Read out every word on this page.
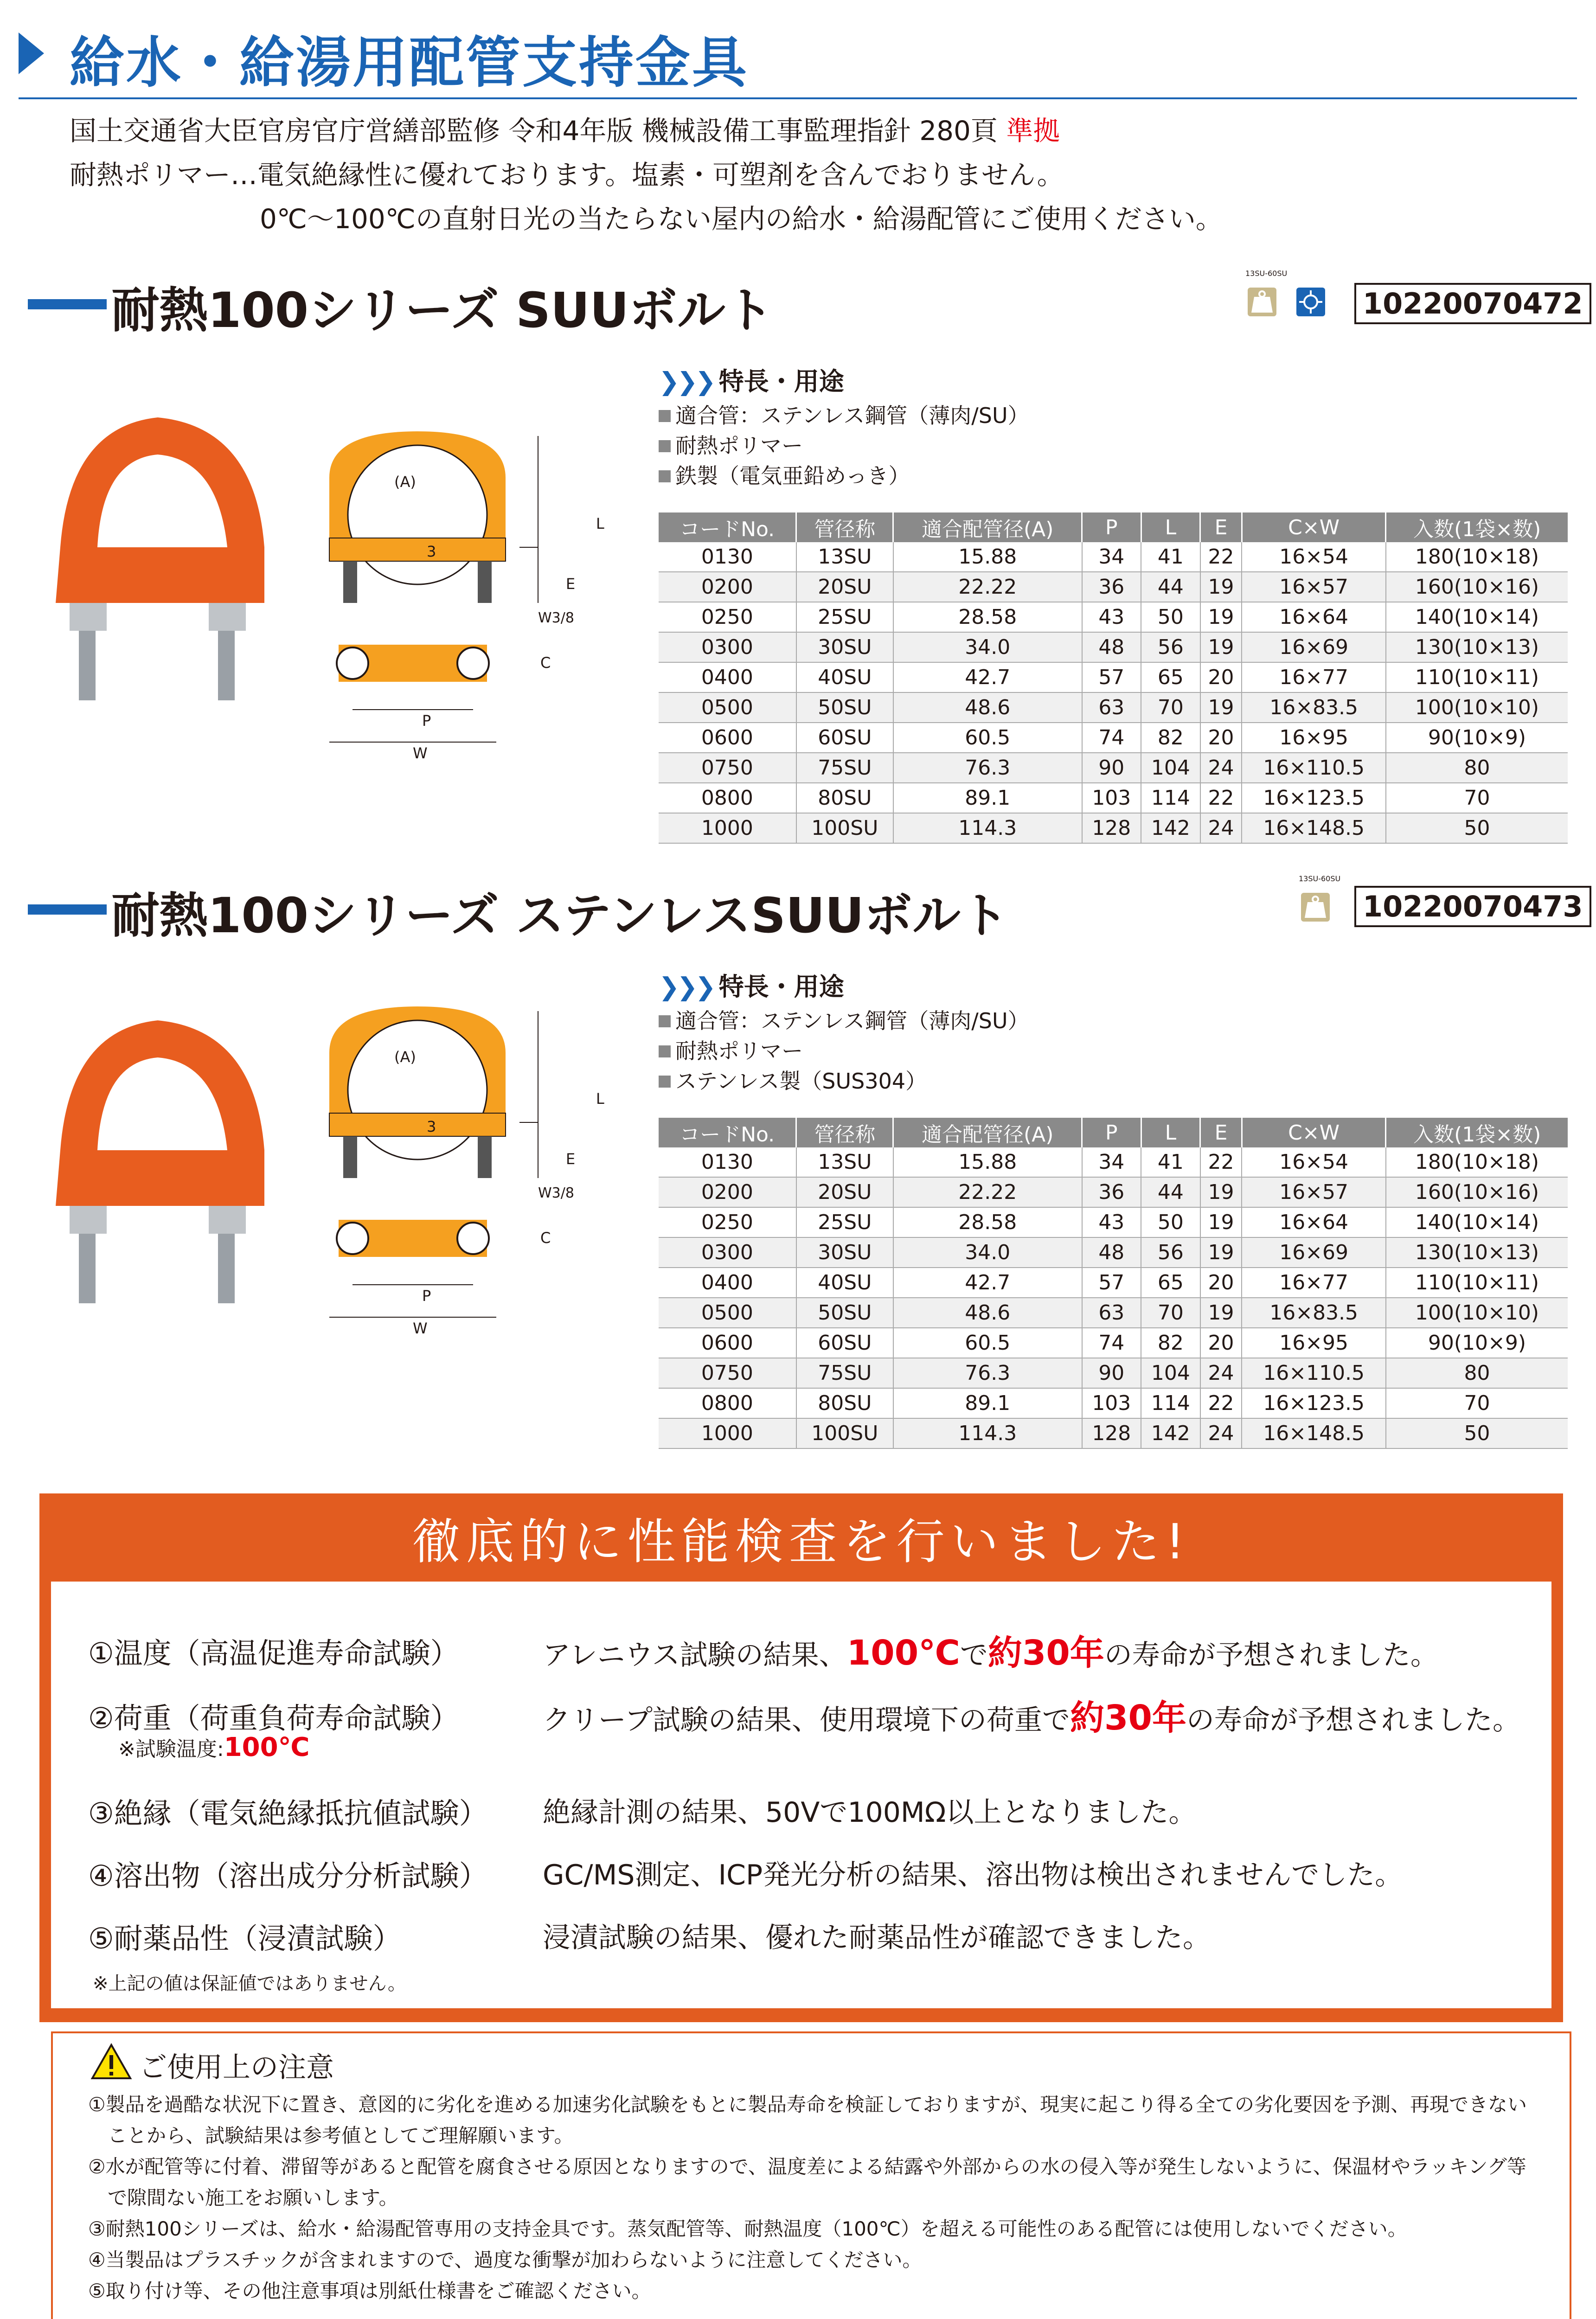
給水・給湯用配管支持金具
国土交通省大臣官房官庁営繕部監修 令和4年版 機械設備工事監理指針 280頁 準拠
耐熱ポリマー…電気絶縁性に優れております。塩素・可塑剤を含んでおりません。
0℃～100℃の直射日光の当たらない屋内の給水・給湯配管にご使用ください。
耐熱100シリーズ SUUボルト
13SU-60SU
10220070472
(A)
L
3
E
W3/8
C
P
W
❯❯❯ 特長・用途
適合管：ステンレス鋼管（薄肉/SU）
耐熱ポリマー
鉄製（電気亜鉛めっき）
コードNo.	管径称	適合配管径(A)	P	L	E	C×W	入数(1袋×数)
0130	13SU	15.88	34	41	22	16×54	180(10×18)
0200	20SU	22.22	36	44	19	16×57	160(10×16)
0250	25SU	28.58	43	50	19	16×64	140(10×14)
0300	30SU	34.0	48	56	19	16×69	130(10×13)
0400	40SU	42.7	57	65	20	16×77	110(10×11)
0500	50SU	48.6	63	70	19	16×83.5	100(10×10)
0600	60SU	60.5	74	82	20	16×95	90(10×9)
0750	75SU	76.3	90	104	24	16×110.5	80
0800	80SU	89.1	103	114	22	16×123.5	70
1000	100SU	114.3	128	142	24	16×148.5	50
耐熱100シリーズ ステンレスSUUボルト
13SU-60SU
10220070473
(A)
L
3
E
W3/8
C
P
W
❯❯❯ 特長・用途
適合管：ステンレス鋼管（薄肉/SU）
耐熱ポリマー
ステンレス製（SUS304）
コードNo.	管径称	適合配管径(A)	P	L	E	C×W	入数(1袋×数)
0130	13SU	15.88	34	41	22	16×54	180(10×18)
0200	20SU	22.22	36	44	19	16×57	160(10×16)
0250	25SU	28.58	43	50	19	16×64	140(10×14)
0300	30SU	34.0	48	56	19	16×69	130(10×13)
0400	40SU	42.7	57	65	20	16×77	110(10×11)
0500	50SU	48.6	63	70	19	16×83.5	100(10×10)
0600	60SU	60.5	74	82	20	16×95	90(10×9)
0750	75SU	76.3	90	104	24	16×110.5	80
0800	80SU	89.1	103	114	22	16×123.5	70
1000	100SU	114.3	128	142	24	16×148.5	50
徹底的に性能検査を行いました!
①温度（高温促進寿命試験）	アレニウス試験の結果、100℃で約30年の寿命が予想されました。
②荷重（荷重負荷寿命試験）
※試験温度:100℃
クリープ試験の結果、使用環境下の荷重で約30年の寿命が予想されました。
③絶縁（電気絶縁抵抗値試験） 絶縁計測の結果、50Vで100MΩ以上となりました。
④溶出物（溶出成分分析試験） GC/MS測定、ICP発光分析の結果、溶出物は検出されませんでした。
⑤耐薬品性（浸漬試験）	浸漬試験の結果、優れた耐薬品性が確認できました。
※上記の値は保証値ではありません。
ご使用上の注意
①製品を過酷な状況下に置き、意図的に劣化を進める加速劣化試験をもとに製品寿命を検証しておりますが、現実に起こり得る全ての劣化要因を予測、再現できない
　ことから、試験結果は参考値としてご理解願います。
②水が配管等に付着、滞留等があると配管を腐食させる原因となりますので、温度差による結露や外部からの水の侵入等が発生しないように、保温材やラッキング等
　で隙間ない施工をお願いします。
③耐熱100シリーズは、給水・給湯配管専用の支持金具です。蒸気配管等、耐熱温度（100℃）を超える可能性のある配管には使用しないでください。
④当製品はプラスチックが含まれますので、過度な衝撃が加わらないように注意してください。
⑤取り付け等、その他注意事項は別紙仕様書をご確認ください。
